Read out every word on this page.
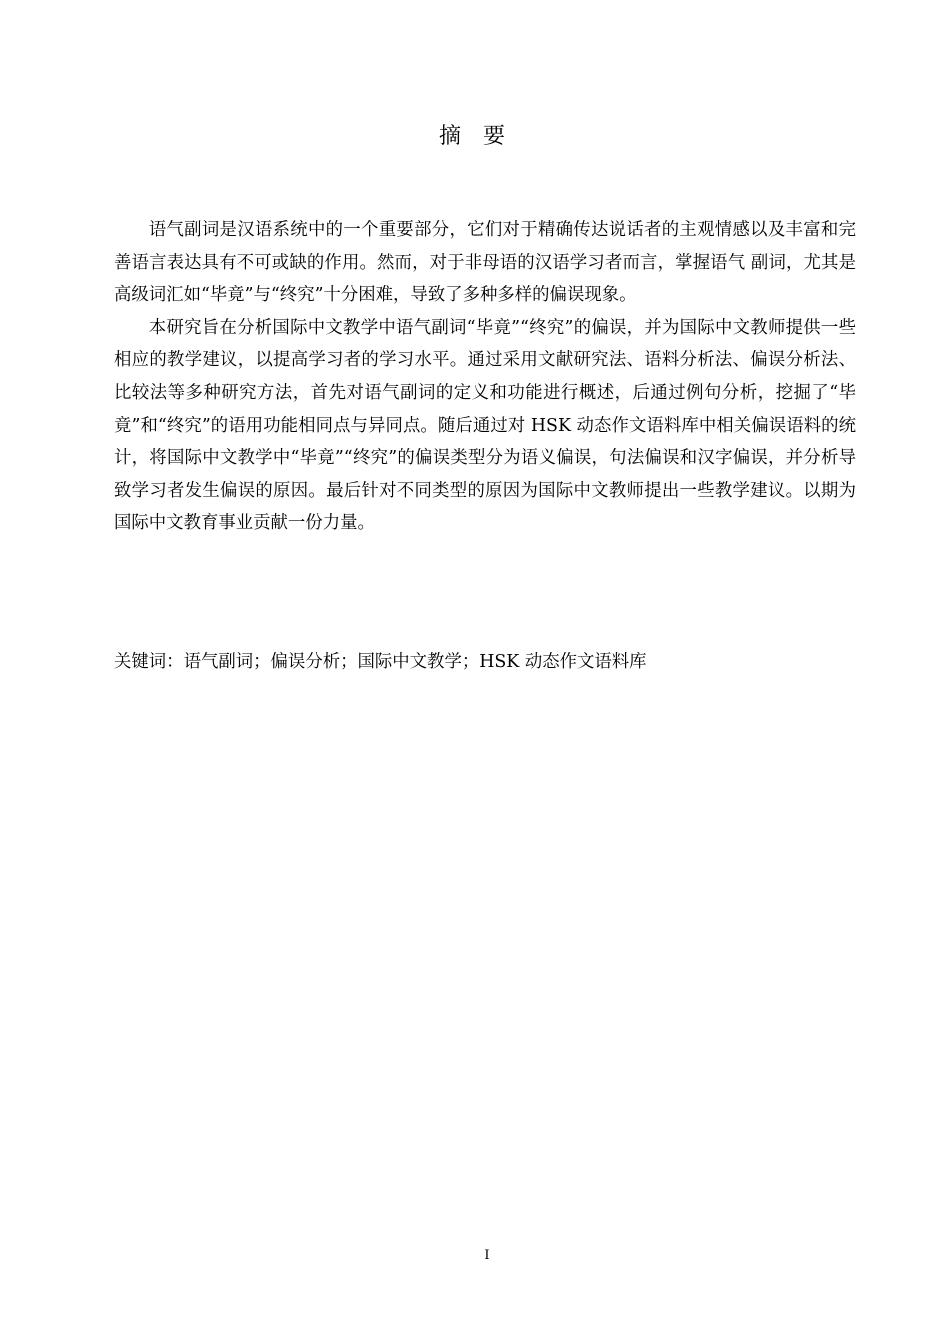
摘要

语气副词是汉语系统中的一个重要部分，它们对于精确传达说话者的主观情感以及丰富和完善语言表达具有不可或缺的作用。然而，对于非母语的汉语学习者而言，掌握语气 副词，尤其是高级词汇如“毕竟”与“终究”十分困难，导致了多种多样的偏误现象。

本研究旨在分析国际中文教学中语气副词“毕竟”“终究”的偏误，并为国际中文教师提供一些相应的教学建议，以提高学习者的学习水平。通过采用文献研究法、语料分析法、偏误分析法、比较法等多种研究方法，首先对语气副词的定义和功能进行概述，后通过例句分析，挖掘了“毕竟”和“终究”的语用功能相同点与异同点。随后通过对 HSK 动态作文语料库中相关偏误语料的统计，将国际中文教学中“毕竟”“终究”的偏误类型分为语义偏误，句法偏误和汉字偏误，并分析导致学习者发生偏误的原因。最后针对不同类型的原因为国际中文教师提出一些教学建议。以期为国际中文教育事业贡献一份力量。

关键词：语气副词；偏误分析；国际中文教学；HSK 动态作文语料库
I
